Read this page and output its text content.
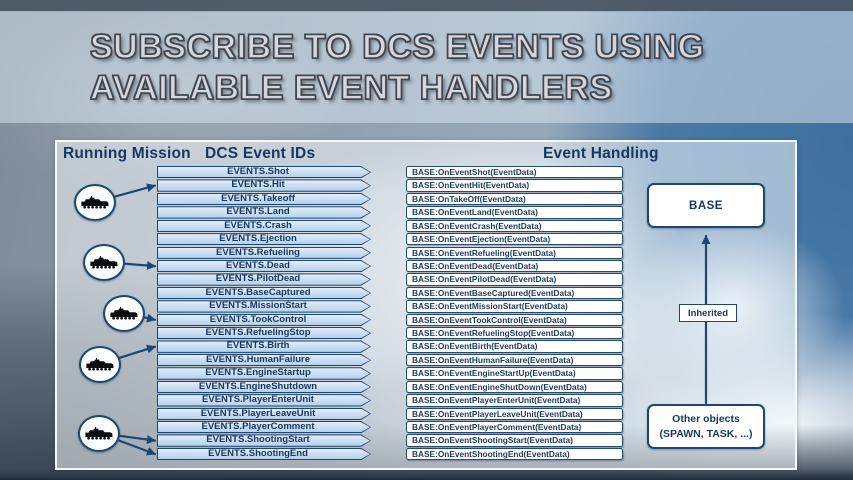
SUBSCRIBE TO DCS EVENTS USING
AVAILABLE EVENT HANDLERS
Running Mission DCS Event IDs	Event Handling
EVENTS.Shot	BASE:OnEventShot(EventData)
EVENTS.Hit	BASE:OnEventHit(EventData)
EVENTS.Takeoff	BASE:OnTakeOff(EventData)
EVENTS.Land	BASE:OnEventLand(EventData)
EVENTS.Crash	BASE:OnEventCrash(EventData)
EVENTS.Ejection	BASE:OnEventEjection(EventData)
EVENTS.Refueling	BASE:OnEventRefueling(EventData)
EVENTS.Dead	BASE:OnEventDead(EventData)
EVENTS.PilotDead	BASE:OnEventPilotDead(EventData)
EVENTS.BaseCaptured	BASE:OnEventBaseCaptured(EventData)
EVENTS.MissionStart	BASE:OnEventMissionStart(EventData)
EVENTS.TookControl	BASE:OnEventTookControl(EventData)
EVENTS.RefuelingStop	BASE:OnEventRefuelingStop(EventData)
EVENTS.Birth	BASE:OnEventBirth(EventData)
EVENTS.HumanFailure	BASE:OnEventHumanFailure(EventData)
EVENTS.EngineStartup	BASE:OnEventEngineStartUp(EventData)
EVENTS.EngineShutdown	BASE:OnEventEngineShutDown(EventData)
EVENTS.PlayerEnterUnit	BASE:OnEventPlayerEnterUnit(EventData)
EVENTS.PlayerLeaveUnit	BASE:OnEventPlayerLeaveUnit(EventData)
EVENTS.PlayerComment	BASE:OnEventPlayerComment(EventData)
EVENTS.ShootingStart	BASE:OnEventShootingStart(EventData)
EVENTS.ShootingEnd	BASE:OnEventShootingEnd(EventData)
BASE
Inherited
Other objects
(SPAWN, TASK, ...)
